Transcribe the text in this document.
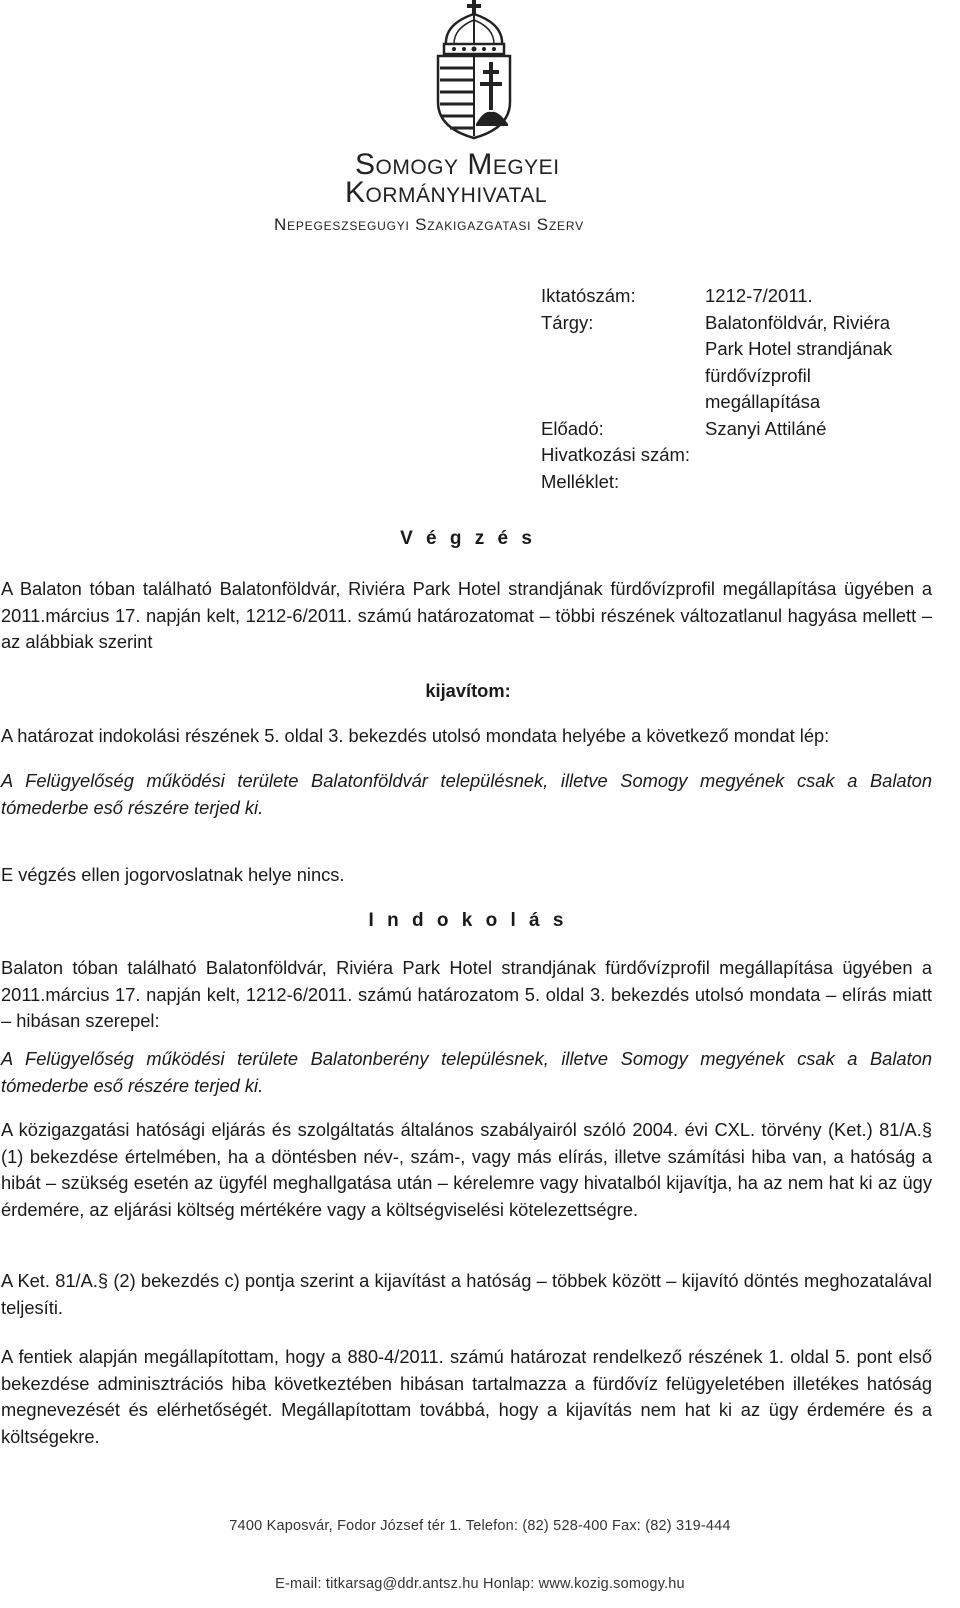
Somogy Megyei
Kormányhivatal
Nepegeszsegugyi Szakigazgatasi Szerv
Iktatószám:	1212-7/2011.
Tárgy:	Balatonföldvár, Riviéra
Park Hotel strandjának
fürdővízprofil
megállapítása
Előadó:	Szanyi Attiláné
Hivatkozási szám:
Melléklet:
V é g z é s

A Balaton tóban található Balatonföldvár, Riviéra Park Hotel strandjának fürdővízprofil megállapítása ügyében a 2011.március 17. napján kelt, 1212-6/2011. számú határozatomat – többi részének változatlanul hagyása mellett – az alábbiak szerint

kijavítom:

A határozat indokolási részének 5. oldal 3. bekezdés utolsó mondata helyébe a következő mondat lép:

A Felügyelőség működési területe Balatonföldvár településnek, illetve Somogy megyének csak a Balaton tómederbe eső részére terjed ki.

E végzés ellen jogorvoslatnak helye nincs.

I n d o k o l á s

Balaton tóban található Balatonföldvár, Riviéra Park Hotel strandjának fürdővízprofil megállapítása ügyében a 2011.március 17. napján kelt, 1212-6/2011. számú határozatom 5. oldal 3. bekezdés utolsó mondata – elírás miatt – hibásan szerepel:

A Felügyelőség működési területe Balatonberény településnek, illetve Somogy megyének csak a Balaton tómederbe eső részére terjed ki.

A közigazgatási hatósági eljárás és szolgáltatás általános szabályairól szóló 2004. évi CXL. törvény (Ket.) 81/A.§ (1) bekezdése értelmében, ha a döntésben név-, szám-, vagy más elírás, illetve számítási hiba van, a hatóság a hibát – szükség esetén az ügyfél meghallgatása után – kérelemre vagy hivatalból kijavítja, ha az nem hat ki az ügy érdemére, az eljárási költség mértékére vagy a költségviselési kötelezettségre.

A Ket. 81/A.§ (2) bekezdés c) pontja szerint a kijavítást a hatóság – többek között – kijavító döntés meghozatalával teljesíti.

A fentiek alapján megállapítottam, hogy a 880-4/2011. számú határozat rendelkező részének 1. oldal 5. pont első bekezdése adminisztrációs hiba következtében hibásan tartalmazza a fürdővíz felügyeletében illetékes hatóság megnevezését és elérhetőségét. Megállapítottam továbbá, hogy a kijavítás nem hat ki az ügy érdemére és a költségekre.

7400 Kaposvár, Fodor József tér 1. Telefon: (82) 528-400 Fax: (82) 319-444
E-mail: titkarsag@ddr.antsz.hu Honlap: www.kozig.somogy.hu
